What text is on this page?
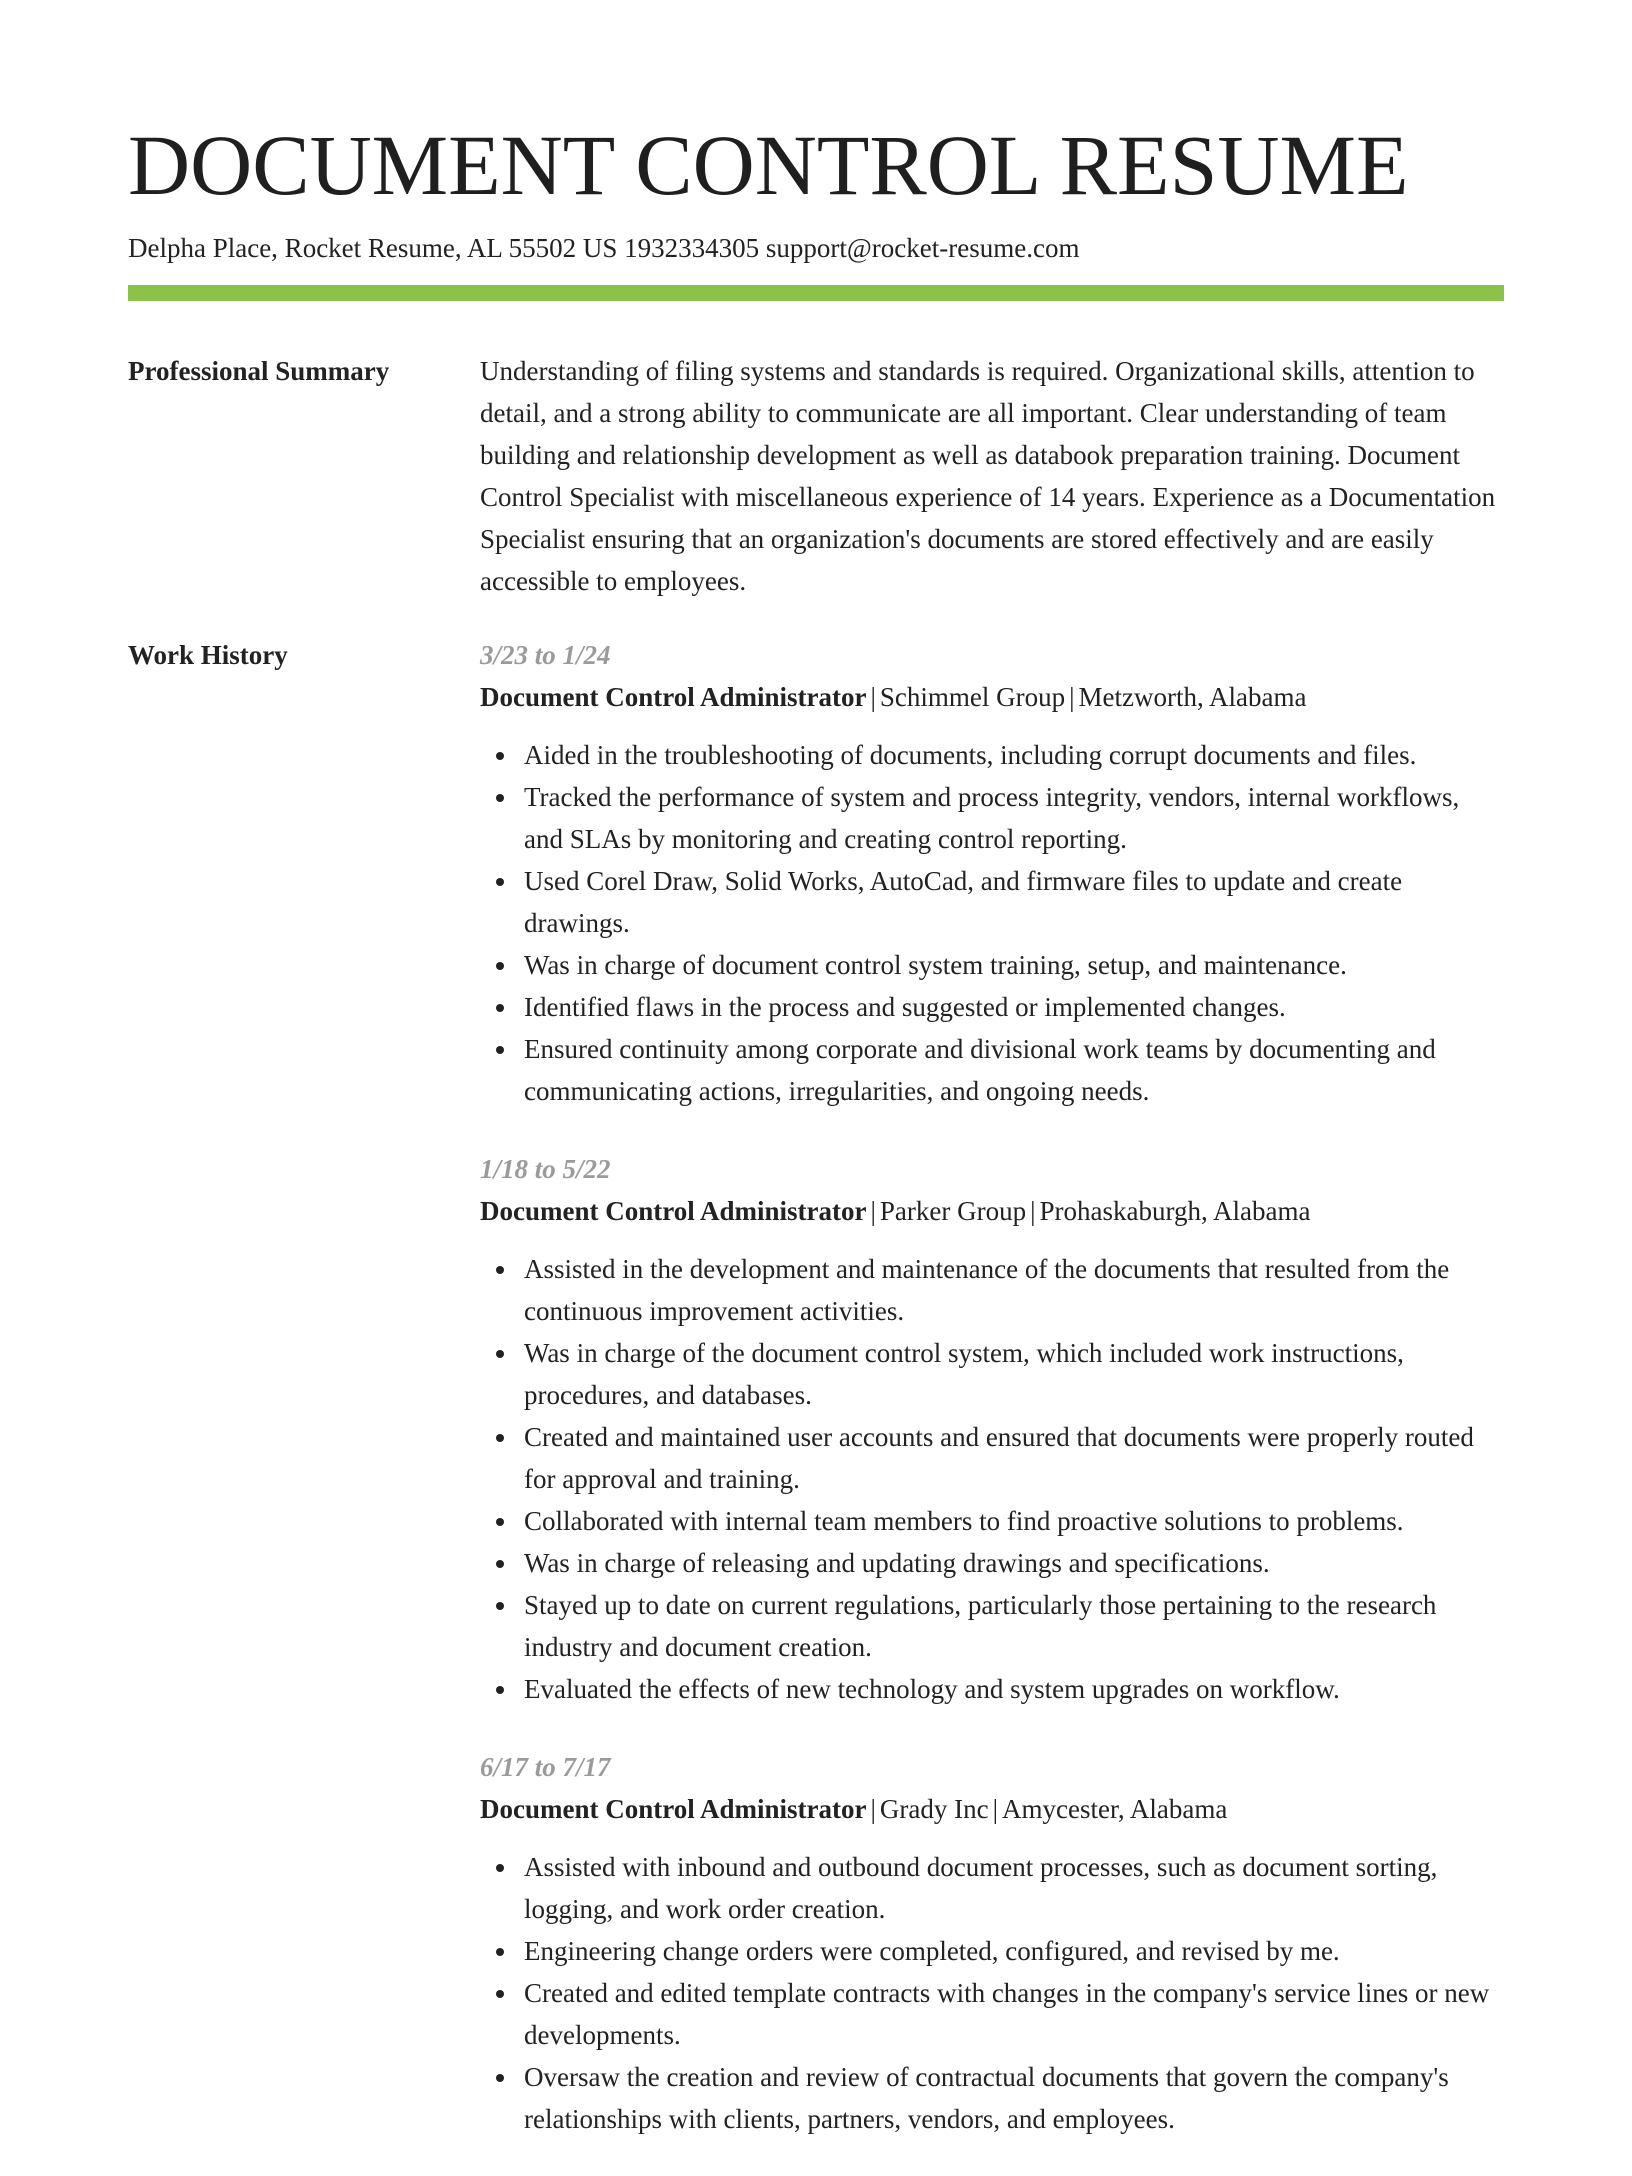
DOCUMENT CONTROL RESUME
Delpha Place, Rocket Resume, AL 55502 US 1932334305 support@rocket-resume.com
Professional Summary	Understanding of filing systems and standards is required. Organizational skills, attention to detail, and a strong ability to communicate are all important. Clear understanding of team building and relationship development as well as databook preparation training. Document Control Specialist with miscellaneous experience of 14 years. Experience as a Documentation Specialist ensuring that an organization's documents are stored effectively and are easily accessible to employees.

Work History	3/23 to 1/24
Document Control Administrator | Schimmel Group | Metzworth, Alabama
Aided in the troubleshooting of documents, including corrupt documents and files.
Tracked the performance of system and process integrity, vendors, internal workflows, and SLAs by monitoring and creating control reporting.
Used Corel Draw, Solid Works, AutoCad, and firmware files to update and create drawings.
Was in charge of document control system training, setup, and maintenance.
Identified flaws in the process and suggested or implemented changes.
Ensured continuity among corporate and divisional work teams by documenting and communicating actions, irregularities, and ongoing needs.
1/18 to 5/22
Document Control Administrator | Parker Group | Prohaskaburgh, Alabama
Assisted in the development and maintenance of the documents that resulted from the continuous improvement activities.
Was in charge of the document control system, which included work instructions, procedures, and databases.
Created and maintained user accounts and ensured that documents were properly routed for approval and training.
Collaborated with internal team members to find proactive solutions to problems.
Was in charge of releasing and updating drawings and specifications.
Stayed up to date on current regulations, particularly those pertaining to the research industry and document creation.
Evaluated the effects of new technology and system upgrades on workflow.
6/17 to 7/17
Document Control Administrator | Grady Inc | Amycester, Alabama
Assisted with inbound and outbound document processes, such as document sorting, logging, and work order creation.
Engineering change orders were completed, configured, and revised by me.
Created and edited template contracts with changes in the company's service lines or new developments.
Oversaw the creation and review of contractual documents that govern the company's relationships with clients, partners, vendors, and employees.
